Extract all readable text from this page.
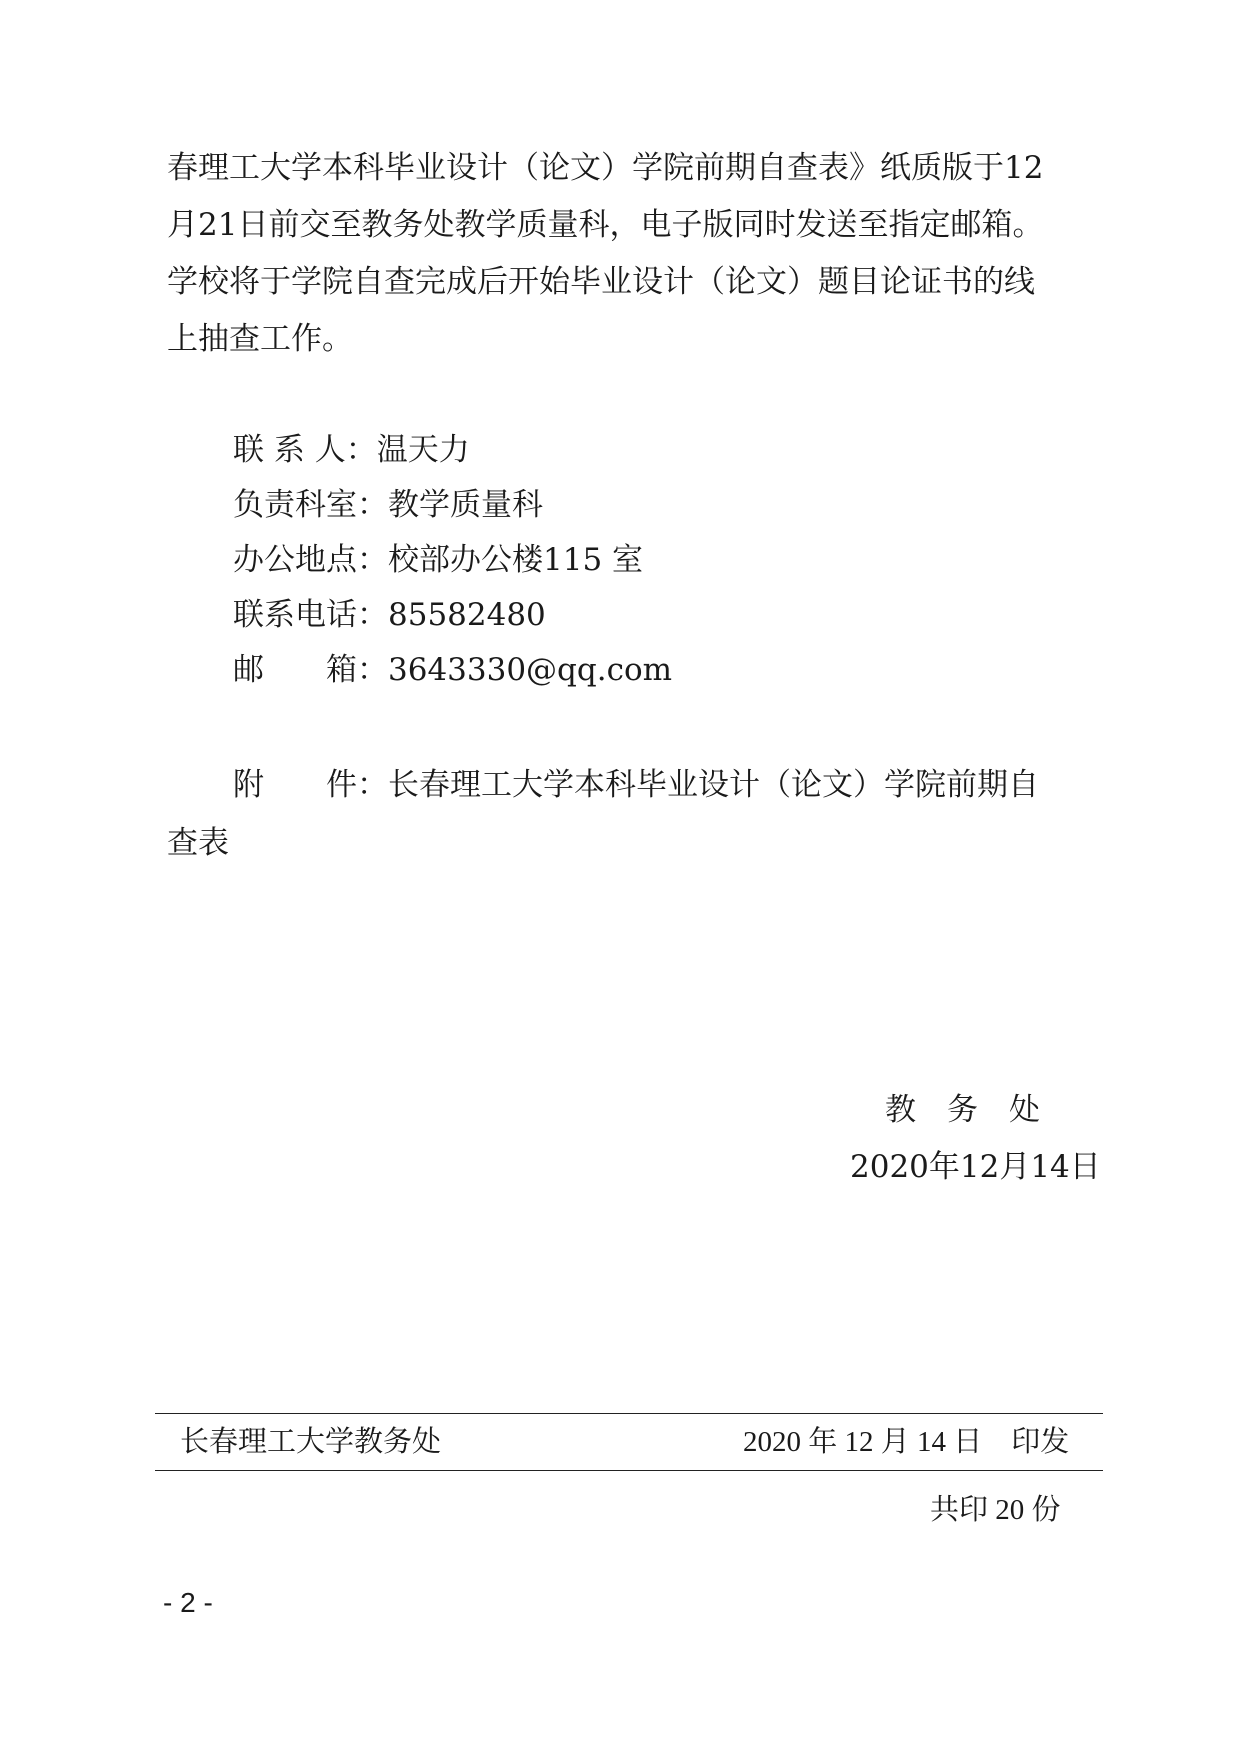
春理工大学本科毕业设计（论文）学院前期自查表》纸质版于12
月21日前交至教务处教学质量科，电子版同时发送至指定邮箱。
学校将于学院自查完成后开始毕业设计（论文）题目论证书的线
上抽查工作。
联 系 人：温天力
负责科室：教学质量科
办公地点：校部办公楼115 室
联系电话：85582480
邮　　箱：3643330@qq.com
附　　件：长春理工大学本科毕业设计（论文）学院前期自
查表
教　务　处
2020年12月14日
长春理工大学教务处	2020 年 12 月 14 日　印发
共印 20 份
- 2 -
